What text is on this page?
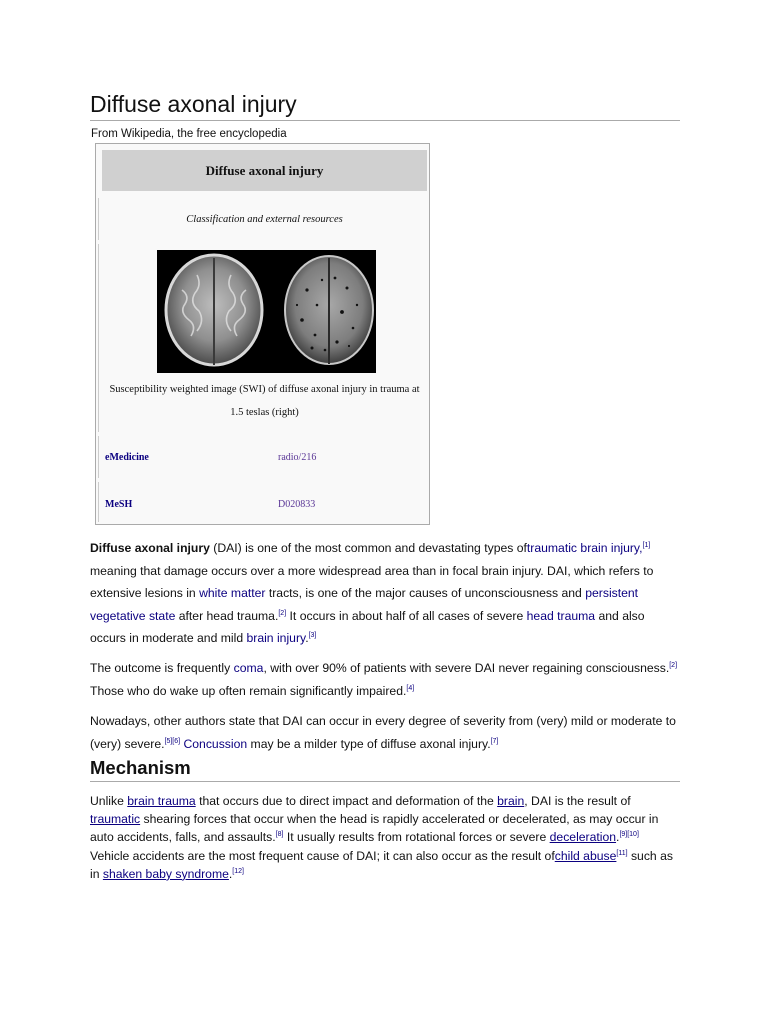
Diffuse axonal injury
From Wikipedia, the free encyclopedia
Diffuse axonal injury
Classification and external resources
Susceptibility weighted image (SWI) of diffuse axonal injury in trauma at 1.5 teslas (right)
eMedicine	radio/216
MeSH	D020833

Diffuse axonal injury (DAI) is one of the most common and devastating types oftraumatic brain injury,[1] meaning that damage occurs over a more widespread area than in focal brain injury. DAI, which refers to extensive lesions in white matter tracts, is one of the major causes of unconsciousness and persistent vegetative state after head trauma.[2] It occurs in about half of all cases of severe head trauma and also occurs in moderate and mild brain injury.[3]

The outcome is frequently coma, with over 90% of patients with severe DAI never regaining consciousness.[2] Those who do wake up often remain significantly impaired.[4]

Nowadays, other authors state that DAI can occur in every degree of severity from (very) mild or moderate to (very) severe.[5][6] Concussion may be a milder type of diffuse axonal injury.[7]

Mechanism

Unlike brain trauma that occurs due to direct impact and deformation of the brain, DAI is the result of traumatic shearing forces that occur when the head is rapidly accelerated or decelerated, as may occur in auto accidents, falls, and assaults.[8] It usually results from rotational forces or severe deceleration.[9][10] Vehicle accidents are the most frequent cause of DAI; it can also occur as the result ofchild abuse[11] such as in shaken baby syndrome.[12]
